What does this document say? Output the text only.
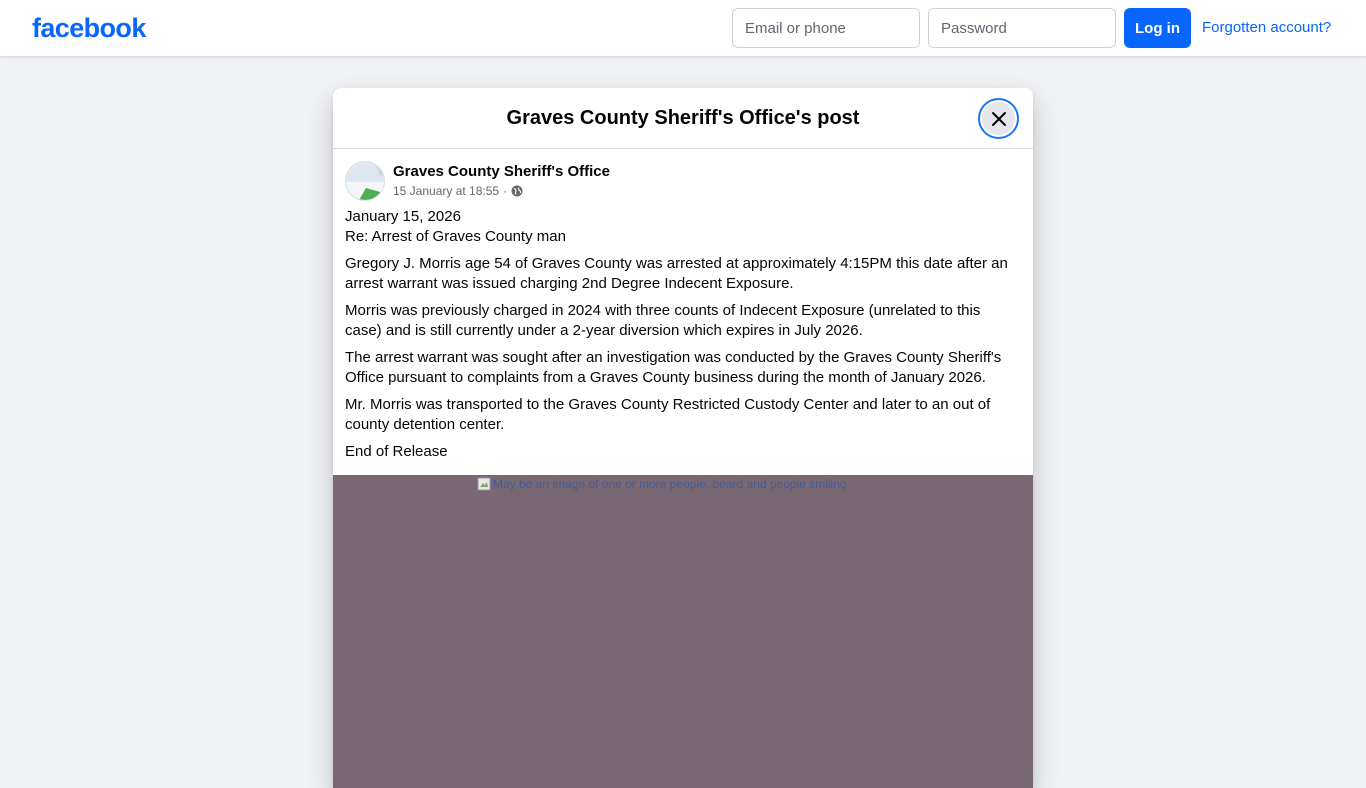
facebook
Email or phone	Log in	Forgotten account?
Graves County Sheriff's Office's post
Graves County Sheriff's Office
15 January at 18:55 ·

January 15, 2026

Re: Arrest of Graves County man

Gregory J. Morris age 54 of Graves County was arrested at approximately 4:15PM this date after an arrest warrant was issued charging 2nd Degree Indecent Exposure.

Morris was previously charged in 2024 with three counts of Indecent Exposure (unrelated to this case) and is still currently under a 2-year diversion which expires in July 2026.

The arrest warrant was sought after an investigation was conducted by the Graves County Sheriff's Office pursuant to complaints from a Graves County business during the month of January 2026.

Mr. Morris was transported to the Graves County Restricted Custody Center and later to an out of county detention center.

End of Release

May be an image of one or more people, beard and people smiling
